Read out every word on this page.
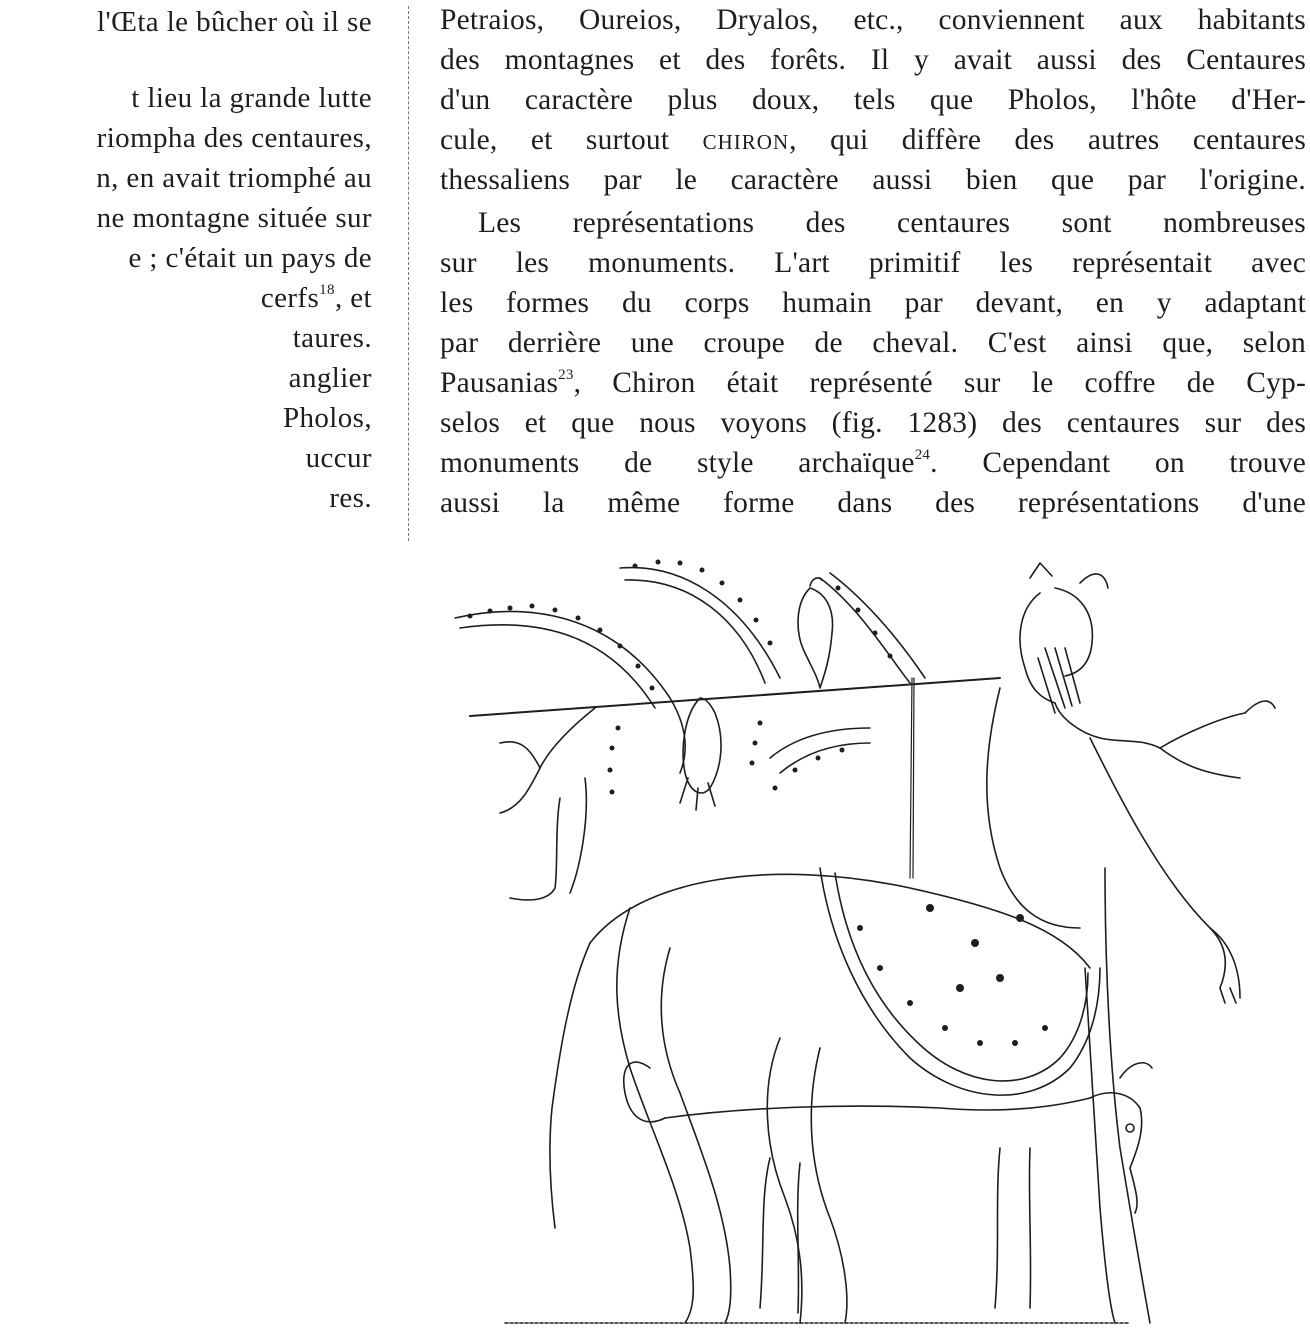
l'Œta le bûcher où il se
t lieu la grande lutte
riompha des centaures,
n, en avait triomphé au
ne montagne située sur
e ; c'était un pays de
cerfs$^{18}$, et
taures.
anglier
Pholos,
uccur
res.
Petraios, Oureios, Dryalos, etc., conviennent aux habitants
des montagnes et des forêts. Il y avait aussi des Centaures
d'un caractère plus doux, tels que Pholos, l'hôte d'Her-
cule, et surtout chiron, qui diffère des autres centaures
thessaliens par le caractère aussi bien que par l'origine.
Les représentations des centaures sont nombreuses
sur les monuments. L'art primitif les représentait avec
les formes du corps humain par devant, en y adaptant
par derrière une croupe de cheval. C'est ainsi que, selon
Pausanias$^{23}$, Chiron était représenté sur le coffre de Cyp-
selos et que nous voyons (fig. 1283) des centaures sur des
monuments de style archaïque$^{24}$. Cependant on trouve
aussi la même forme dans des représentations d'une
